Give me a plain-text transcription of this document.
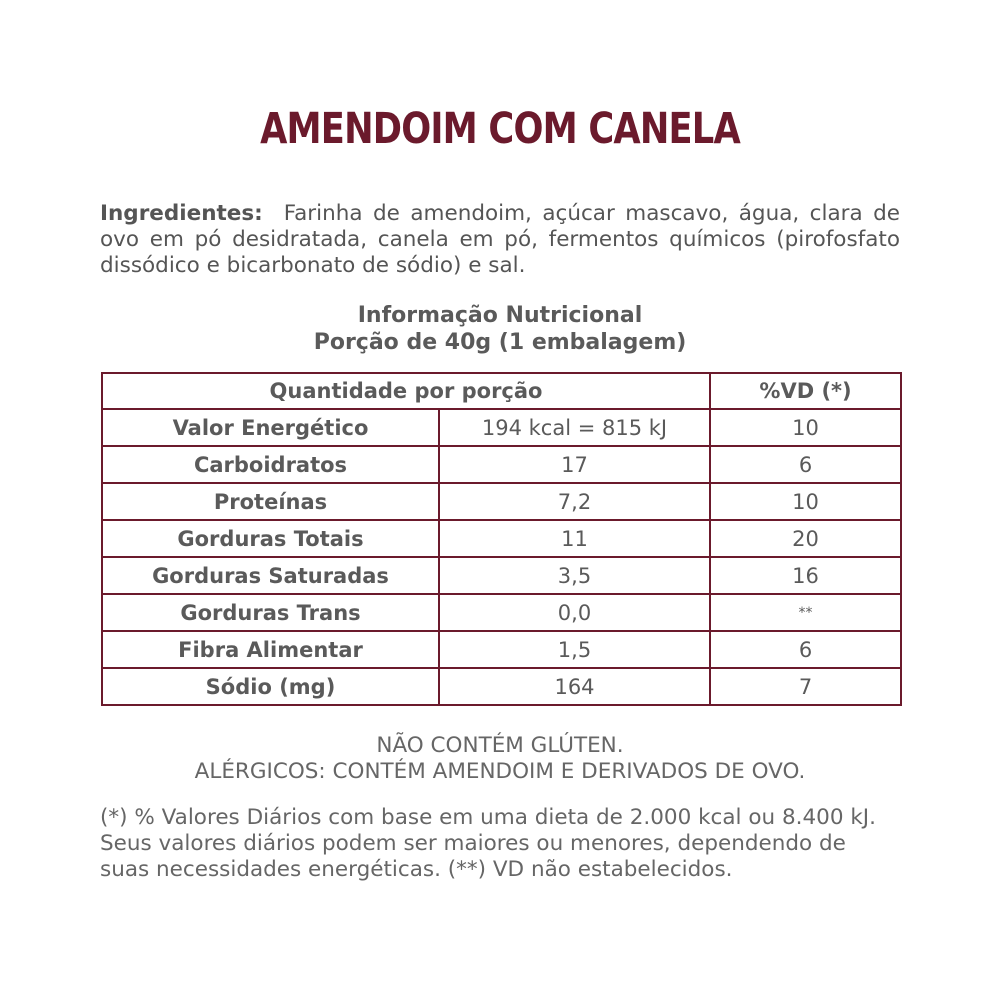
AMENDOIM COM CANELA
Ingredientes: Farinha de amendoim, açúcar mascavo, água, clara de ovo em pó desidratada, canela em pó, fermentos químicos (pirofosfato dissódico e bicarbonato de sódio) e sal.
Informação Nutricional
Porção de 40g (1 embalagem)
Quantidade por porção		%VD (*)
Valor Energético	194 kcal = 815 kJ	10
Carboidratos	17	6
Proteínas	7,2	10
Gorduras Totais	11	20
Gorduras Saturadas	3,5	16
Gorduras Trans	0,0	**
Fibra Alimentar	1,5	6
Sódio (mg)	164	7
NÃO CONTÉM GLÚTEN.
ALÉRGICOS: CONTÉM AMENDOIM E DERIVADOS DE OVO.
(*) % Valores Diários com base em uma dieta de 2.000 kcal ou 8.400 kJ. Seus valores diários podem ser maiores ou menores, dependendo de suas necessidades energéticas. (**) VD não estabelecidos.
